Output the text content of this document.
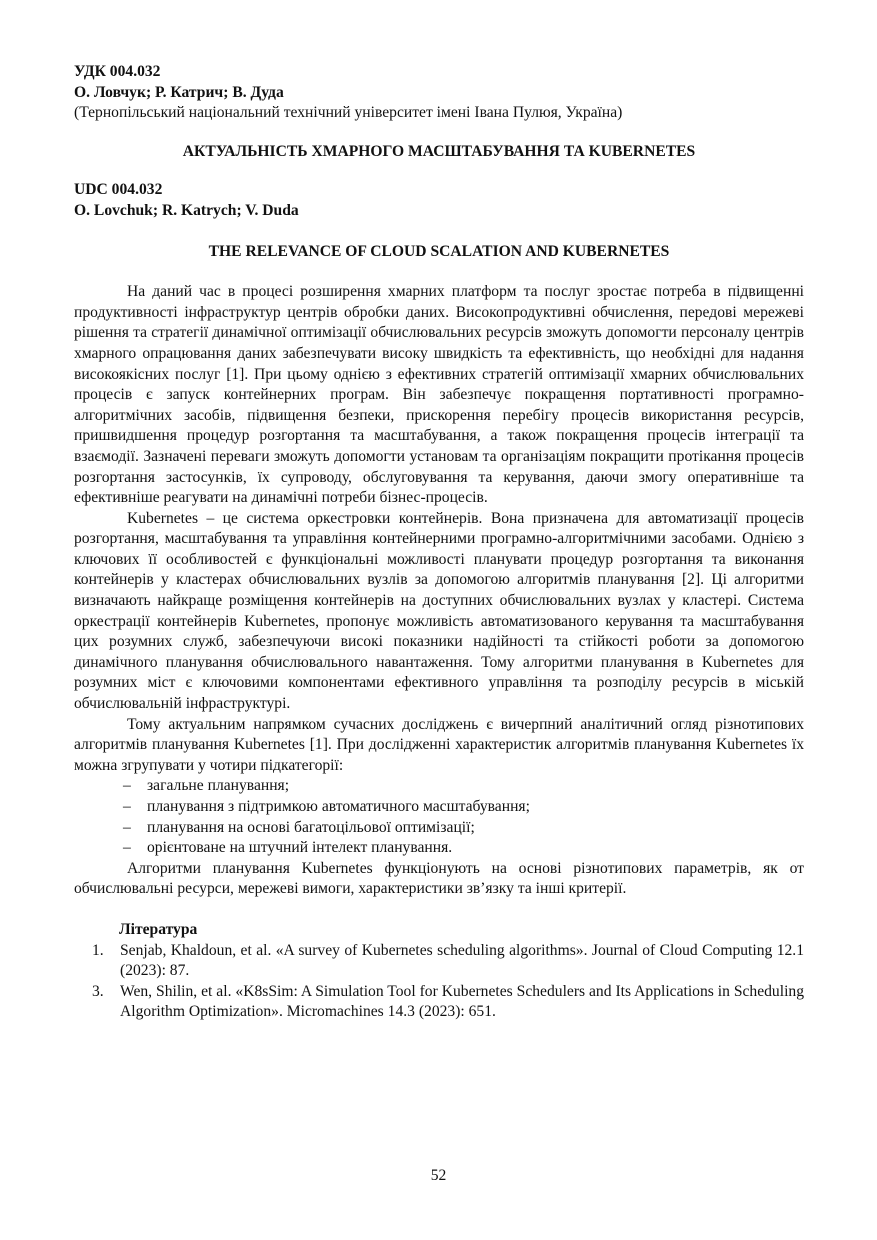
УДК 004.032

О. Ловчук; Р. Катрич; В. Дуда

(Тернопільський національний технічний університет імені Івана Пулюя, Україна)

АКТУАЛЬНІСТЬ ХМАРНОГО МАСШТАБУВАННЯ ТА KUBERNETES

UDC 004.032

O. Lovchuk; R. Katrych; V. Duda

THE RELEVANCE OF CLOUD SCALATION AND KUBERNETES

На даний час в процесі розширення хмарних платформ та послуг зростає потреба в підвищенні продуктивності інфраструктур центрів обробки даних. Високопродуктивні обчислення, передові мережеві рішення та стратегії динамічної оптимізації обчислювальних ресурсів зможуть допомогти персоналу центрів хмарного опрацювання даних забезпечувати високу швидкість та ефективність, що необхідні для надання високоякісних послуг [1]. При цьому однією з ефективних стратегій оптимізації хмарних обчислювальних процесів є запуск контейнерних програм. Він забезпечує покращення портативності програмно-алгоритмічних засобів, підвищення безпеки, прискорення перебігу процесів використання ресурсів, пришвидшення процедур розгортання та масштабування, а також покращення процесів інтеграції та взаємодії. Зазначені переваги зможуть допомогти установам та організаціям покращити протікання процесів розгортання застосунків, їх супроводу, обслуговування та керування, даючи змогу оперативніше та ефективніше реагувати на динамічні потреби бізнес-процесів.

Kubernetes – це система оркестровки контейнерів. Вона призначена для автоматизації процесів розгортання, масштабування та управління контейнерними програмно-алгоритмічними засобами. Однією з ключових її особливостей є функціональні можливості планувати процедур розгортання та виконання контейнерів у кластерах обчислювальних вузлів за допомогою алгоритмів планування [2]. Ці алгоритми визначають найкраще розміщення контейнерів на доступних обчислювальних вузлах у кластері. Система оркестрації контейнерів Kubernetes, пропонує можливість автоматизованого керування та масштабування цих розумних служб, забезпечуючи високі показники надійності та стійкості роботи за допомогою динамічного планування обчислювального навантаження. Тому алгоритми планування в Kubernetes для розумних міст є ключовими компонентами ефективного управління та розподілу ресурсів в міській обчислювальній інфраструктурі.

Тому актуальним напрямком сучасних досліджень є вичерпний аналітичний огляд різнотипових алгоритмів планування Kubernetes [1]. При дослідженні характеристик алгоритмів планування Kubernetes їх можна згрупувати у чотири підкатегорії:

– загальне планування;
– планування з підтримкою автоматичного масштабування;
– планування на основі багатоцільової оптимізації;
– орієнтоване на штучний інтелект планування.

Алгоритми планування Kubernetes функціонують на основі різнотипових параметрів, як от обчислювальні ресурси, мережеві вимоги, характеристики зв’язку та інші критерії.

Література

1. Senjab, Khaldoun, et al. «A survey of Kubernetes scheduling algorithms». Journal of Cloud Computing 12.1 (2023): 87.
3. Wen, Shilin, et al. «K8sSim: A Simulation Tool for Kubernetes Schedulers and Its Applications in Scheduling Algorithm Optimization». Micromachines 14.3 (2023): 651.
52
